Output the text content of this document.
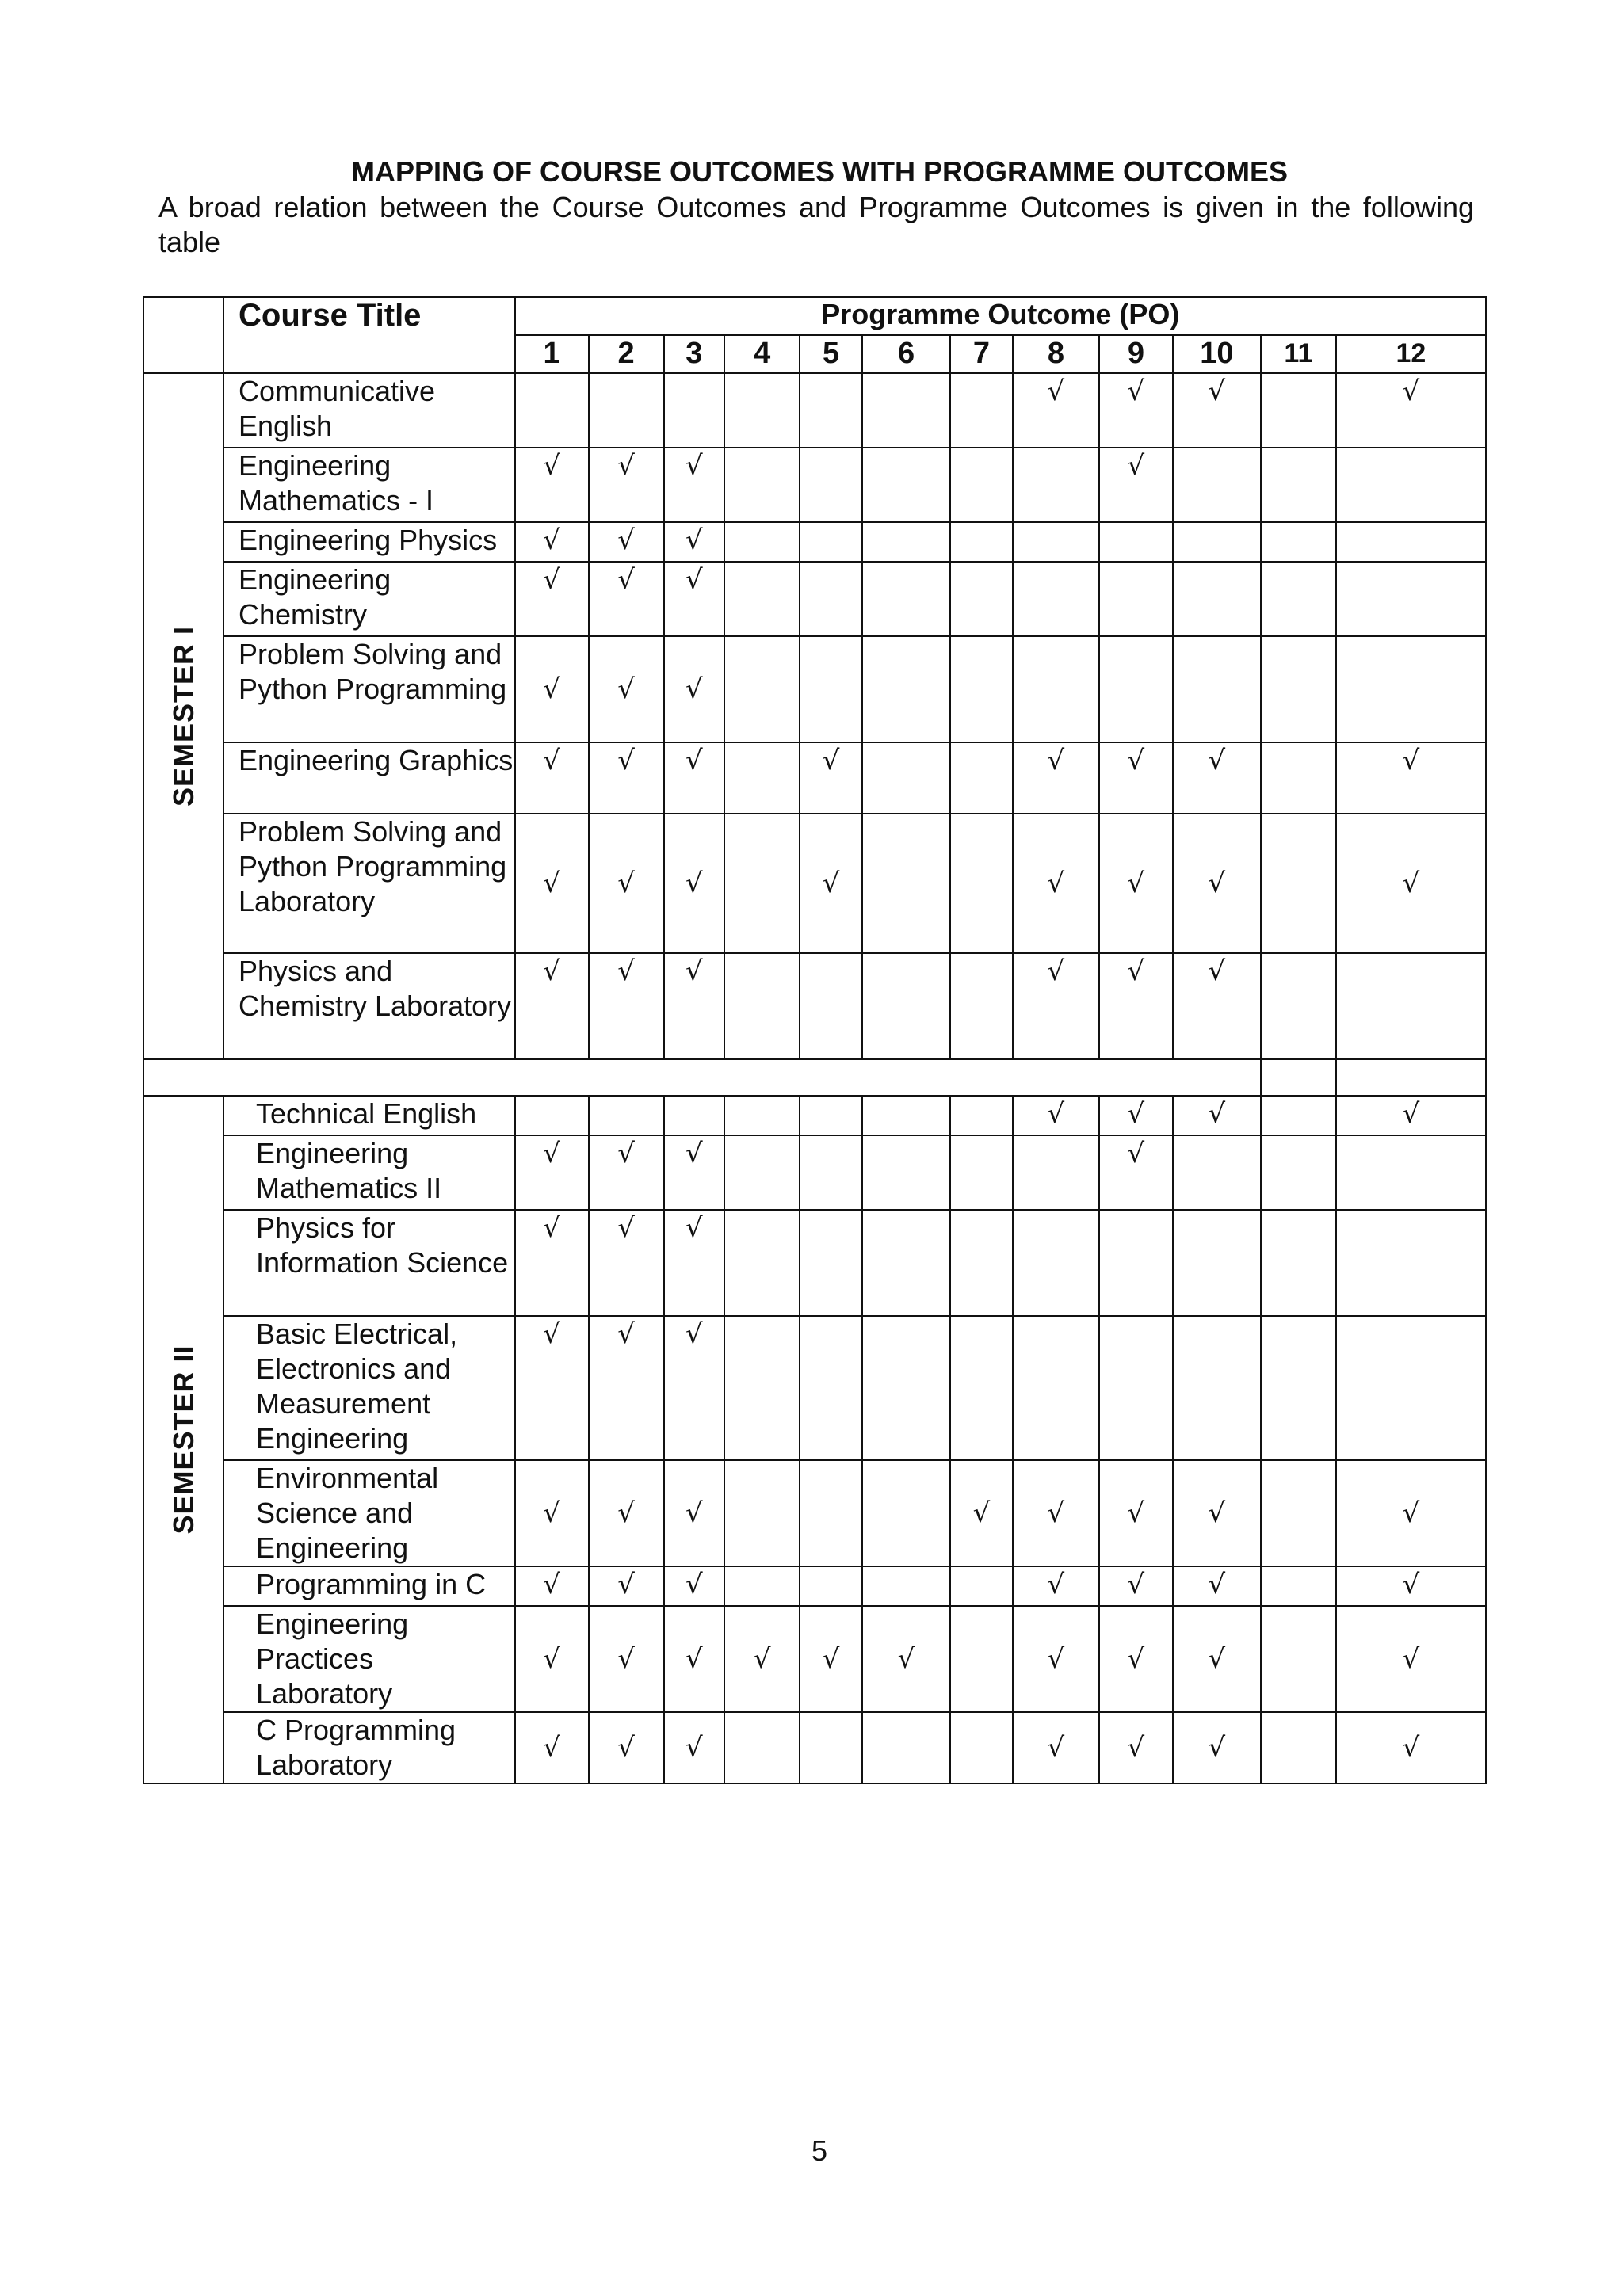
MAPPING OF COURSE OUTCOMES WITH PROGRAMME OUTCOMES
A broad relation between the Course Outcomes and Programme Outcomes is given in the following table
	Course Title	Programme Outcome (PO)											
		1	2	3	4	5	6	7	8	9	10	11	12

SEMESTER I	Communicative English								√	√	√		√
	Engineering Mathematics - I	√	√	√						√			
	Engineering Physics	√	√	√									
	Engineering Chemistry	√	√	√									
	Problem Solving and Python Programming	√	√	√									
	Engineering Graphics	√	√	√		√			√	√	√		√
	Problem Solving and Python Programming Laboratory	√	√	√		√			√	√	√		√
	Physics and Chemistry Laboratory	√	√	√					√	√	√		

SEMESTER II	Technical English								√	√	√		√
	Engineering Mathematics II	√	√	√						√			
	Physics for Information Science	√	√	√									
	Basic Electrical, Electronics and Measurement Engineering	√	√	√									
	Environmental Science and Engineering	√	√	√				√	√	√	√		√
	Programming in C	√	√	√					√	√	√		√
	Engineering Practices Laboratory	√	√	√	√	√	√		√	√	√		√
	C Programming Laboratory	√	√	√					√	√	√		√
5
